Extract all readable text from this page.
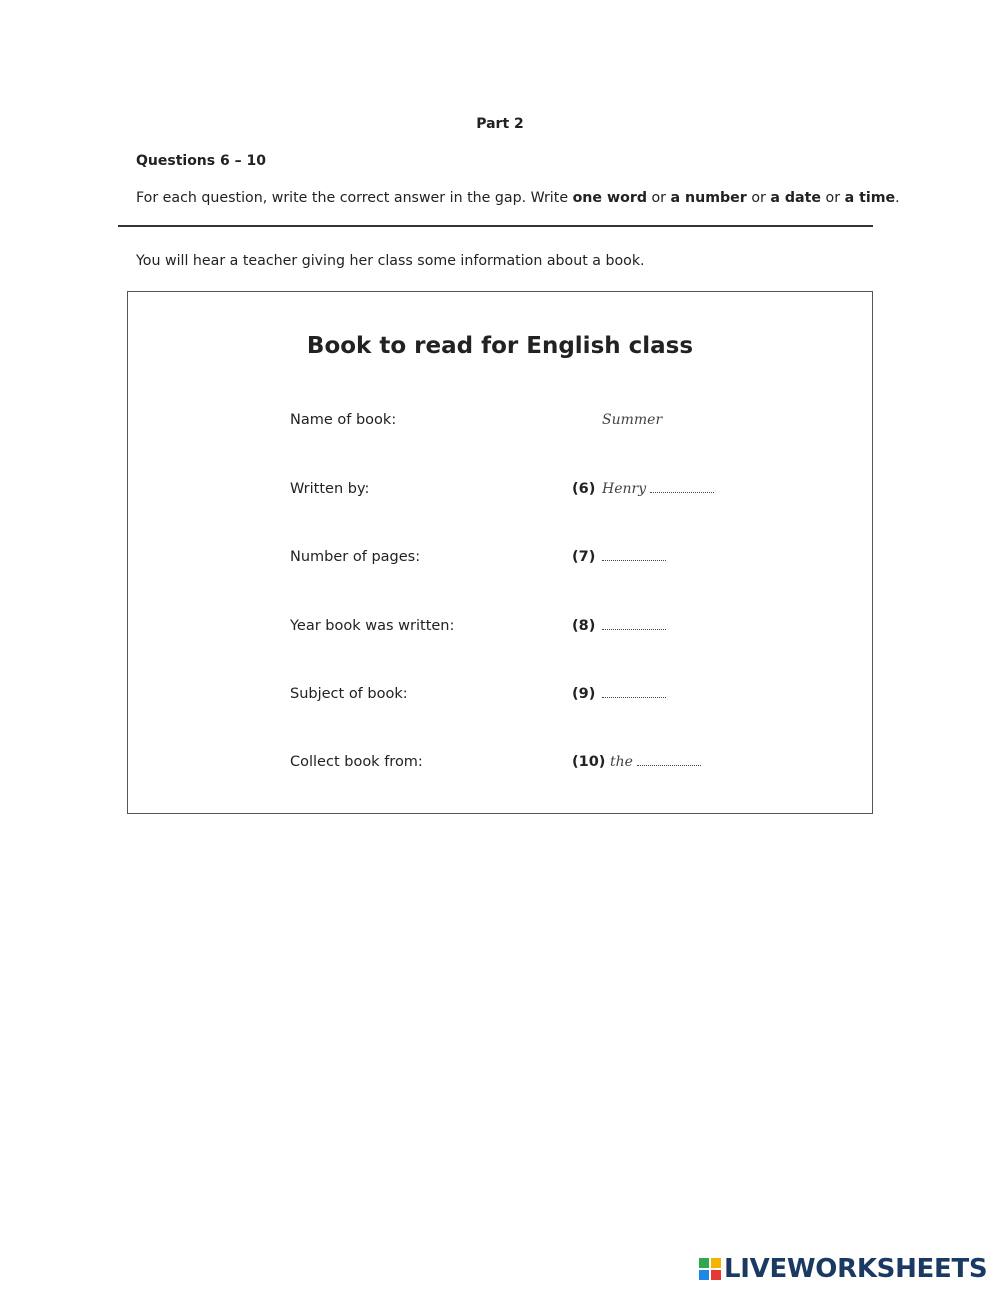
Part 2
Questions 6 – 10
For each question, write the correct answer in the gap. Write one word or a number or a date or a time.
You will hear a teacher giving her class some information about a book.
Book to read for English class
Name of book:	Summer
Written by:	(6) Henry
Number of pages:	(7)
Year book was written:	(8)
Subject of book:	(9)
Collect book from:	(10) the
LIVEWORKSHEETS
